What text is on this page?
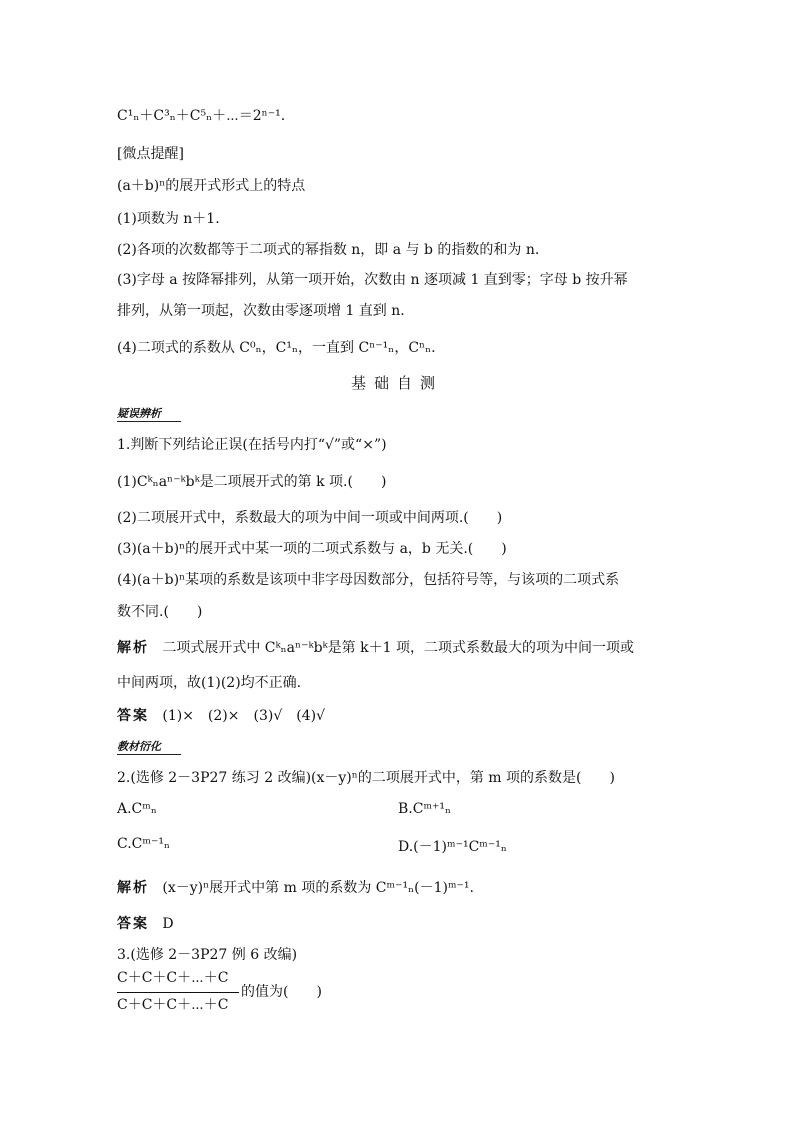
C¹ₙ＋C³ₙ＋C⁵ₙ＋⋯＝2ⁿ⁻¹.
[微点提醒]
(a＋b)ⁿ的展开式形式上的特点
(1)项数为 n＋1.
(2)各项的次数都等于二项式的幂指数 n，即 a 与 b 的指数的和为 n.
(3)字母 a 按降幂排列，从第一项开始，次数由 n 逐项减 1 直到零；字母 b 按升幂
排列，从第一项起，次数由零逐项增 1 直到 n.
(4)二项式的系数从 C⁰ₙ，C¹ₙ，一直到 Cⁿ⁻¹ₙ，Cⁿₙ.
基础自测
疑误辨析
1.判断下列结论正误(在括号内打“√”或“×”)
(1)Cᵏₙaⁿ⁻ᵏbᵏ是二项展开式的第 k 项.(　　)
(2)二项展开式中，系数最大的项为中间一项或中间两项.(　　)
(3)(a＋b)ⁿ的展开式中某一项的二项式系数与 a，b 无关.(　　)
(4)(a＋b)ⁿ某项的系数是该项中非字母因数部分，包括符号等，与该项的二项式系
数不同.(　　)
解析 二项式展开式中 Cᵏₙaⁿ⁻ᵏbᵏ是第 k＋1 项，二项式系数最大的项为中间一项或
中间两项，故(1)(2)均不正确.
答案 (1)×　(2)×　(3)√　(4)√
教材衍化
2.(选修 2－3P27 练习 2 改编)(x－y)ⁿ的二项展开式中，第 m 项的系数是(　　)
A.Cᵐₙ	B.Cᵐ⁺¹ₙ
C.Cᵐ⁻¹ₙ	D.(－1)ᵐ⁻¹Cᵐ⁻¹ₙ
解析 (x－y)ⁿ展开式中第 m 项的系数为 Cᵐ⁻¹ₙ(－1)ᵐ⁻¹.
答案 D
3.(选修 2－3P27 例 6 改编)
C＋C＋C＋⋯＋C
C＋C＋C＋⋯＋C
的值为(　　)
